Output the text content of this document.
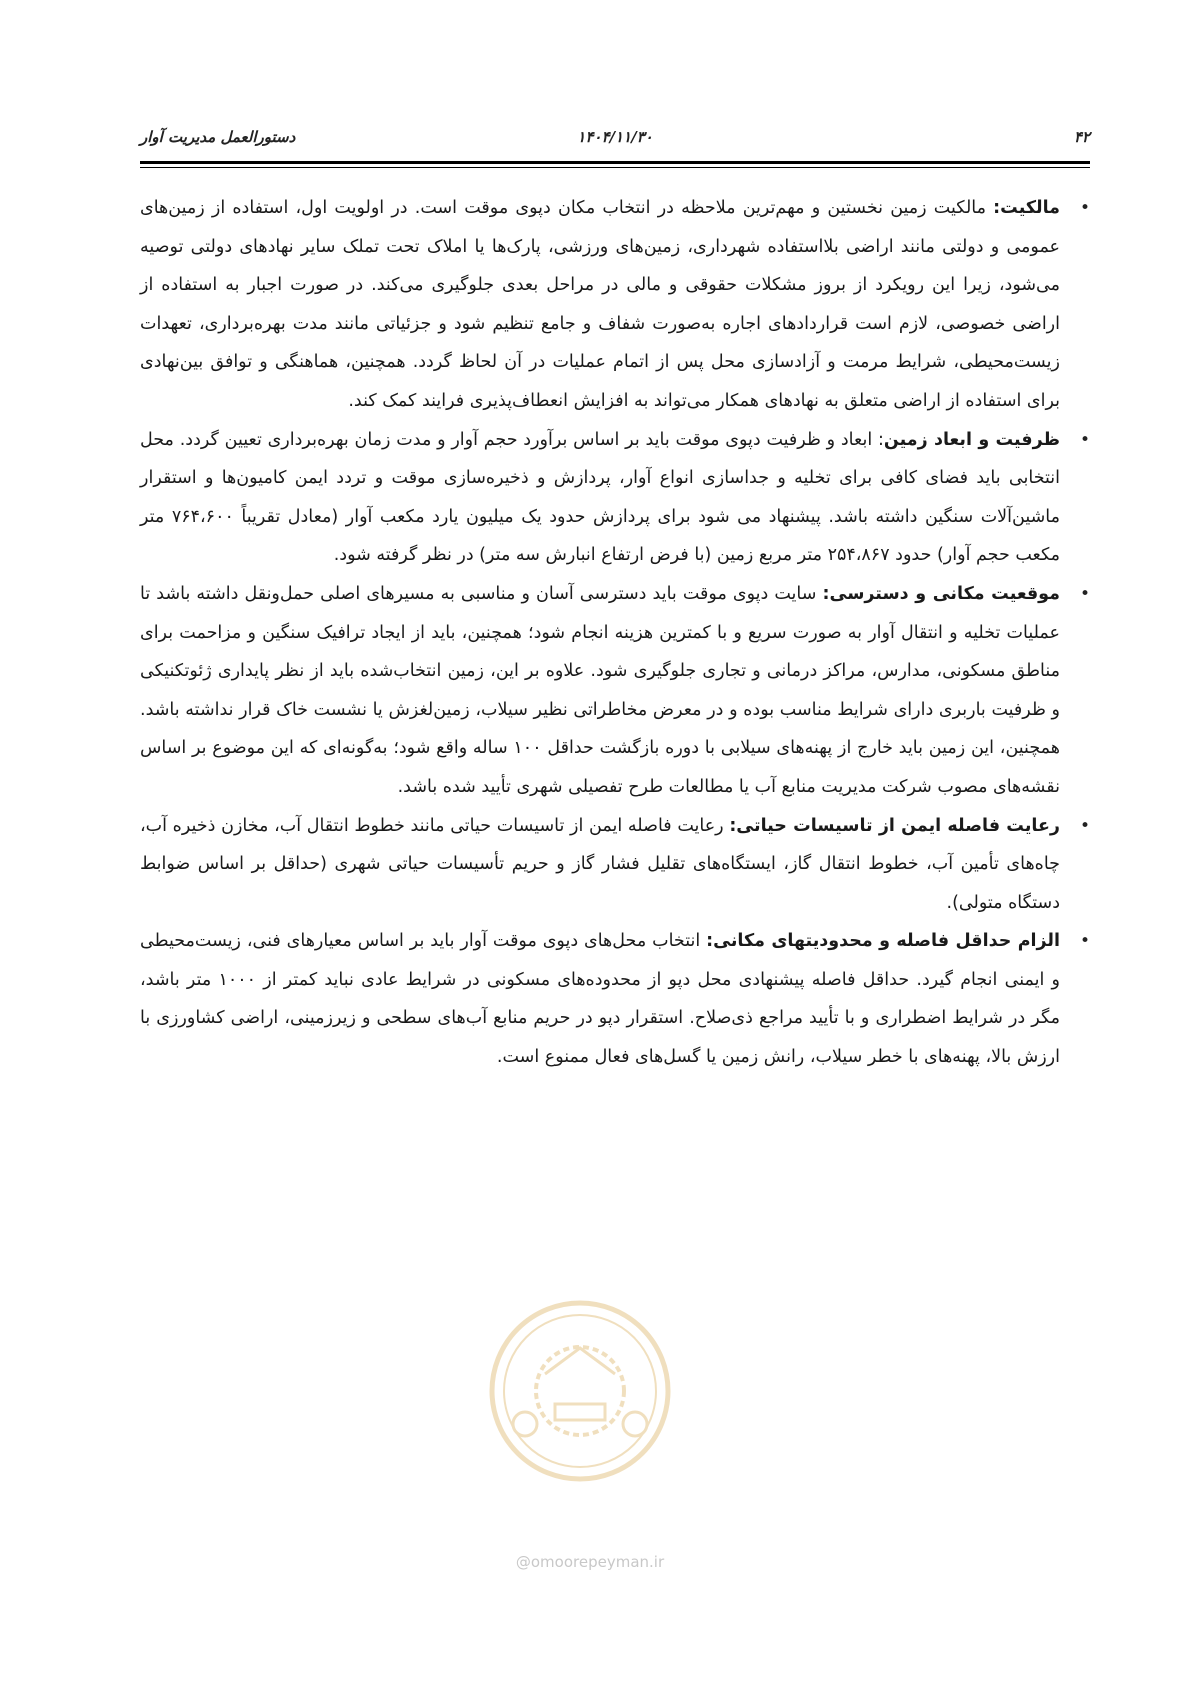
۴۲
۱۴۰۴/۱۱/۳۰
دستورالعمل مدیریت آوار
• مالکیت: مالکیت زمین نخستین و مهم‌ترین ملاحظه در انتخاب مکان دپوی موقت است. در اولویت اول، استفاده از زمین‌های عمومی و دولتی مانند اراضی بلااستفاده شهرداری، زمین‌های ورزشی، پارک‌ها یا املاک تحت تملک سایر نهادهای دولتی توصیه می‌شود، زیرا این رویکرد از بروز مشکلات حقوقی و مالی در مراحل بعدی جلوگیری می‌کند. در صورت اجبار به استفاده از اراضی خصوصی، لازم است قراردادهای اجاره به‌صورت شفاف و جامع تنظیم شود و جزئیاتی مانند مدت بهره‌برداری، تعهدات زیست‌محیطی، شرایط مرمت و آزادسازی محل پس از اتمام عملیات در آن لحاظ گردد. همچنین، هماهنگی و توافق بین‌نهادی برای استفاده از اراضی متعلق به نهادهای همکار می‌تواند به افزایش انعطاف‌پذیری فرایند کمک کند.
• ظرفیت و ابعاد زمین: ابعاد و ظرفیت دپوی موقت باید بر اساس برآورد حجم آوار و مدت زمان بهره‌برداری تعیین گردد. محل انتخابی باید فضای کافی برای تخلیه و جداسازی انواع آوار، پردازش و ذخیره‌سازی موقت و تردد ایمن کامیون‌ها و استقرار ماشین‌آلات سنگین داشته باشد. پیشنهاد می شود برای پردازش حدود یک میلیون یارد مکعب آوار (معادل تقریباً ۷۶۴،۶۰۰ متر مکعب حجم آوار) حدود ۲۵۴،۸۶۷ متر مربع زمین (با فرض ارتفاع انبارش سه متر) در نظر گرفته شود.
• موقعیت مکانی و دسترسی: سایت دپوی موقت باید دسترسی آسان و مناسبی به مسیرهای اصلی حمل‌ونقل داشته باشد تا عملیات تخلیه و انتقال آوار به صورت سریع و با کمترین هزینه انجام شود؛ همچنین، باید از ایجاد ترافیک سنگین و مزاحمت برای مناطق مسکونی، مدارس، مراکز درمانی و تجاری جلوگیری شود. علاوه بر این، زمین انتخاب‌شده باید از نظر پایداری ژئوتکنیکی و ظرفیت باربری دارای شرایط مناسب بوده و در معرض مخاطراتی نظیر سیلاب، زمین‌لغزش یا نشست خاک قرار نداشته باشد. همچنین، این زمین باید خارج از پهنه‌های سیلابی با دوره بازگشت حداقل ۱۰۰ ساله واقع شود؛ به‌گونه‌ای که این موضوع بر اساس نقشه‌های مصوب شرکت مدیریت منابع آب یا مطالعات طرح تفصیلی شهری تأیید شده باشد.
• رعایت فاصله ایمن از تاسیسات حیاتی: رعایت فاصله ایمن از تاسیسات حیاتی مانند خطوط انتقال آب، مخازن ذخیره آب، چاه‌های تأمین آب، خطوط انتقال گاز، ایستگاه‌های تقلیل فشار گاز و حریم تأسیسات حیاتی شهری (حداقل بر اساس ضوابط دستگاه متولی).
• الزام حداقل فاصله و محدودیتهای مکانی: انتخاب محل‌های دپوی موقت آوار باید بر اساس معیارهای فنی، زیست‌محیطی و ایمنی انجام گیرد. حداقل فاصله پیشنهادی محل دپو از محدوده‌های مسکونی در شرایط عادی نباید کمتر از ۱۰۰۰ متر باشد، مگر در شرایط اضطراری و با تأیید مراجع ذی‌صلاح. استقرار دپو در حریم منابع آب‌های سطحی و زیرزمینی، اراضی کشاورزی با ارزش بالا، پهنه‌های با خطر سیلاب، رانش زمین یا گسل‌های فعال ممنوع است.
@omoorepeyman.ir
